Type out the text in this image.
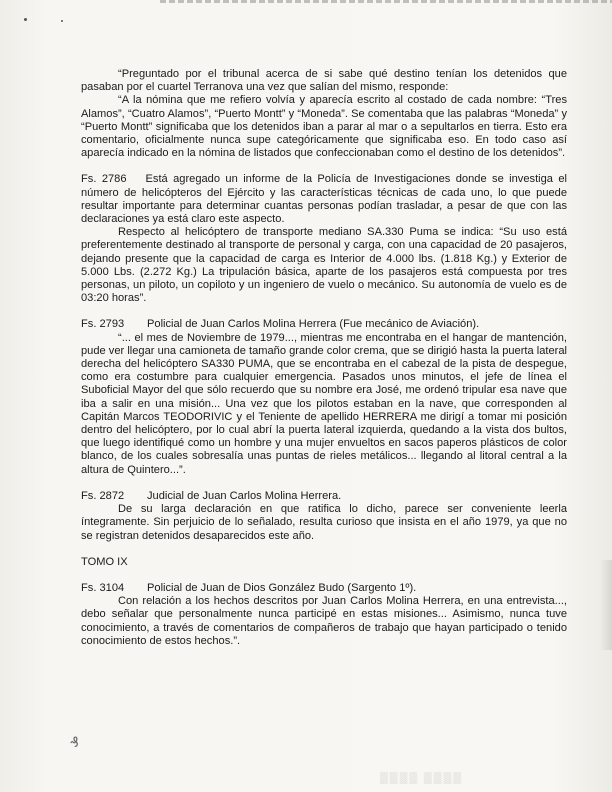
“Preguntado por el tribunal acerca de si sabe qué destino tenían los detenidos que pasaban por el cuartel Terranova una vez que salían del mismo, responde:

“A la nómina que me refiero volvía y aparecía escrito al costado de cada nombre: “Tres Alamos”, “Cuatro Alamos”, “Puerto Montt” y “Moneda”. Se comentaba que las palabras “Moneda” y “Puerto Montt” significaba que los detenidos iban a parar al mar o a sepultarlos en tierra. Esto era comentario, oficialmente nunca supe categóricamente que significaba eso. En todo caso así aparecía indicado en la nómina de listados que confeccionaban como el destino de los detenidos”.

Fs. 2786 Está agregado un informe de la Policía de Investigaciones donde se investiga el número de helicópteros del Ejército y las características técnicas de cada uno, lo que puede resultar importante para determinar cuantas personas podían trasladar, a pesar de que con las declaraciones ya está claro este aspecto.

Respecto al helicóptero de transporte mediano SA.330 Puma se indica: “Su uso está preferentemente destinado al transporte de personal y carga, con una capacidad de 20 pasajeros, dejando presente que la capacidad de carga es Interior de 4.000 lbs. (1.818 Kg.) y Exterior de 5.000 Lbs. (2.272 Kg.) La tripulación básica, aparte de los pasajeros está compuesta por tres personas, un piloto, un copiloto y un ingeniero de vuelo o mecánico. Su autonomía de vuelo es de 03:20 horas”.

Fs. 2793	Policial de Juan Carlos Molina Herrera (Fue mecánico de Aviación).

“... el mes de Noviembre de 1979..., mientras me encontraba en el hangar de mantención, pude ver llegar una camioneta de tamaño grande color crema, que se dirigió hasta la puerta lateral derecha del helicóptero SA330 PUMA, que se encontraba en el cabezal de la pista de despegue, como era costumbre para cualquier emergencia. Pasados unos minutos, el jefe de línea el Suboficial Mayor del que sólo recuerdo que su nombre era José, me ordenó tripular esa nave que iba a salir en una misión... Una vez que los pilotos estaban en la nave, que corresponden al Capitán Marcos TEODORIVIC y el Teniente de apellido HERRERA me dirigí a tomar mi posición dentro del helicóptero, por lo cual abrí la puerta lateral izquierda, quedando a la vista dos bultos, que luego identifiqué como un hombre y una mujer envueltos en sacos paperos plásticos de color blanco, de los cuales sobresalía unas puntas de rieles metálicos... llegando al litoral central a la altura de Quintero...”.

Fs. 2872	Judicial de Juan Carlos Molina Herrera.

De su larga declaración en que ratifica lo dicho, parece ser conveniente leerla íntegramente. Sin perjuicio de lo señalado, resulta curioso que insista en el año 1979, ya que no se registran detenidos desaparecidos este año.

TOMO IX

Fs. 3104	Policial de Juan de Dios González Budo (Sargento 1º).

Con relación a los hechos descritos por Juan Carlos Molina Herrera, en una entrevista..., debo señalar que personalmente nunca participé en estas misiones... Asimismo, nunca tuve conocimiento, a través de comentarios de compañeros de trabajo que hayan participado o tenido conocimiento de estos hechos.”.

₰
▒▒▒▒ ▒▒▒▒
